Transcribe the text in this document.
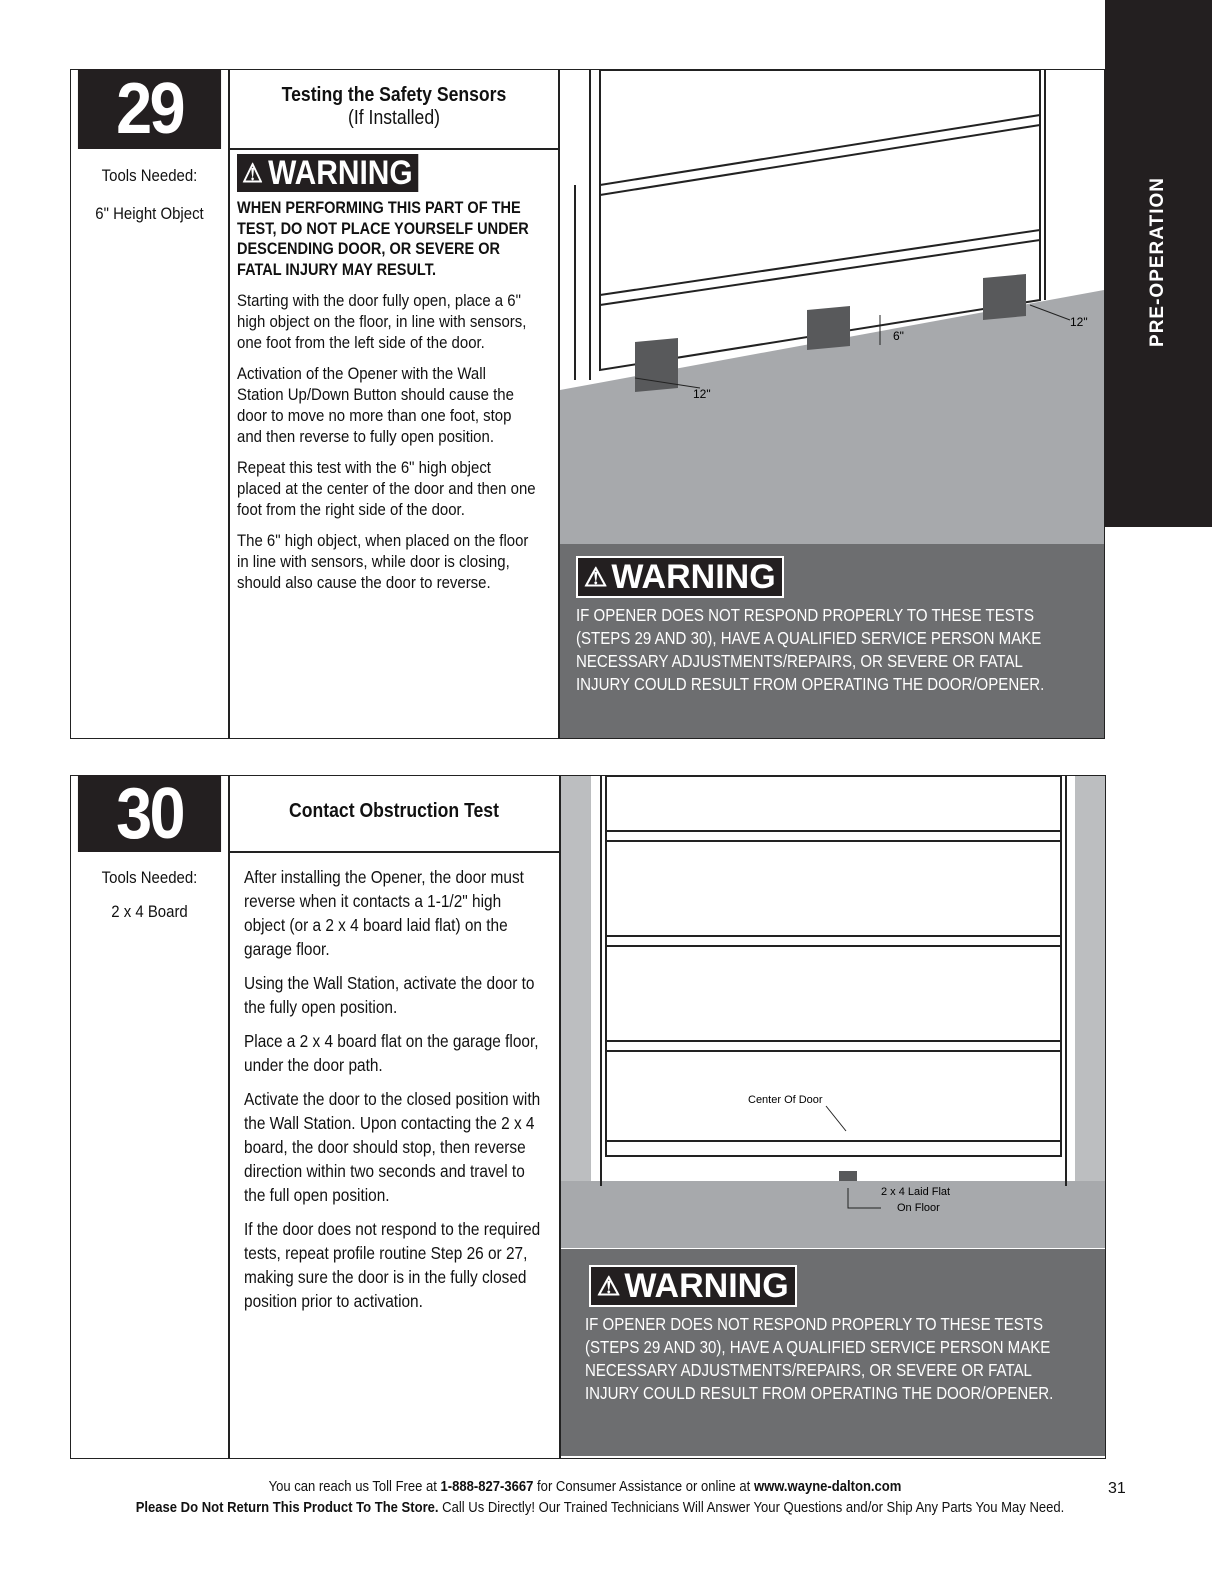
PRE-OPERATION
29	Testing the Safety Sensors
(If Installed)

Tools Needed:

6" Height Object

⚠ WARNING

WHEN PERFORMING THIS PART OF THE TEST, DO NOT PLACE YOURSELF UNDER DESCENDING DOOR, OR SEVERE OR FATAL INJURY MAY RESULT.

Starting with the door fully open, place a 6" high object on the floor, in line with sensors, one foot from the left side of the door.

Activation of the Opener with the Wall Station Up/Down Button should cause the door to move no more than one foot, stop and then reverse to fully open position.

Repeat this test with the 6" high object placed at the center of the door and then one foot from the right side of the door.

The 6" high object, when placed on the floor in line with sensors, while door is closing, should also cause the door to reverse.

12"
6"
12"
⚠ WARNING
IF OPENER DOES NOT RESPOND PROPERLY TO THESE TESTS (STEPS 29 AND 30), HAVE A QUALIFIED SERVICE PERSON MAKE NECESSARY ADJUSTMENTS/REPAIRS, OR SEVERE OR FATAL INJURY COULD RESULT FROM OPERATING THE DOOR/OPENER.
30	Contact Obstruction Test

Tools Needed:

2 x 4 Board

After installing the Opener, the door must reverse when it contacts a 1-1/2" high object (or a 2 x 4 board laid flat) on the garage floor.

Using the Wall Station, activate the door to the fully open position.

Place a 2 x 4 board flat on the garage floor, under the door path.

Activate the door to the closed position with the Wall Station. Upon contacting the 2 x 4 board, the door should stop, then reverse direction within two seconds and travel to the full open position.

If the door does not respond to the required tests, repeat profile routine Step 26 or 27, making sure the door is in the fully closed position prior to activation.

Center Of Door
2 x 4 Laid Flat
On Floor
⚠ WARNING
IF OPENER DOES NOT RESPOND PROPERLY TO THESE TESTS (STEPS 29 AND 30), HAVE A QUALIFIED SERVICE PERSON MAKE NECESSARY ADJUSTMENTS/REPAIRS, OR SEVERE OR FATAL INJURY COULD RESULT FROM OPERATING THE DOOR/OPENER.
You can reach us Toll Free at 1-888-827-3667 for Consumer Assistance or online at www.wayne-dalton.com
Please Do Not Return This Product To The Store. Call Us Directly! Our Trained Technicians Will Answer Your Questions and/or Ship Any Parts You May Need.
31
